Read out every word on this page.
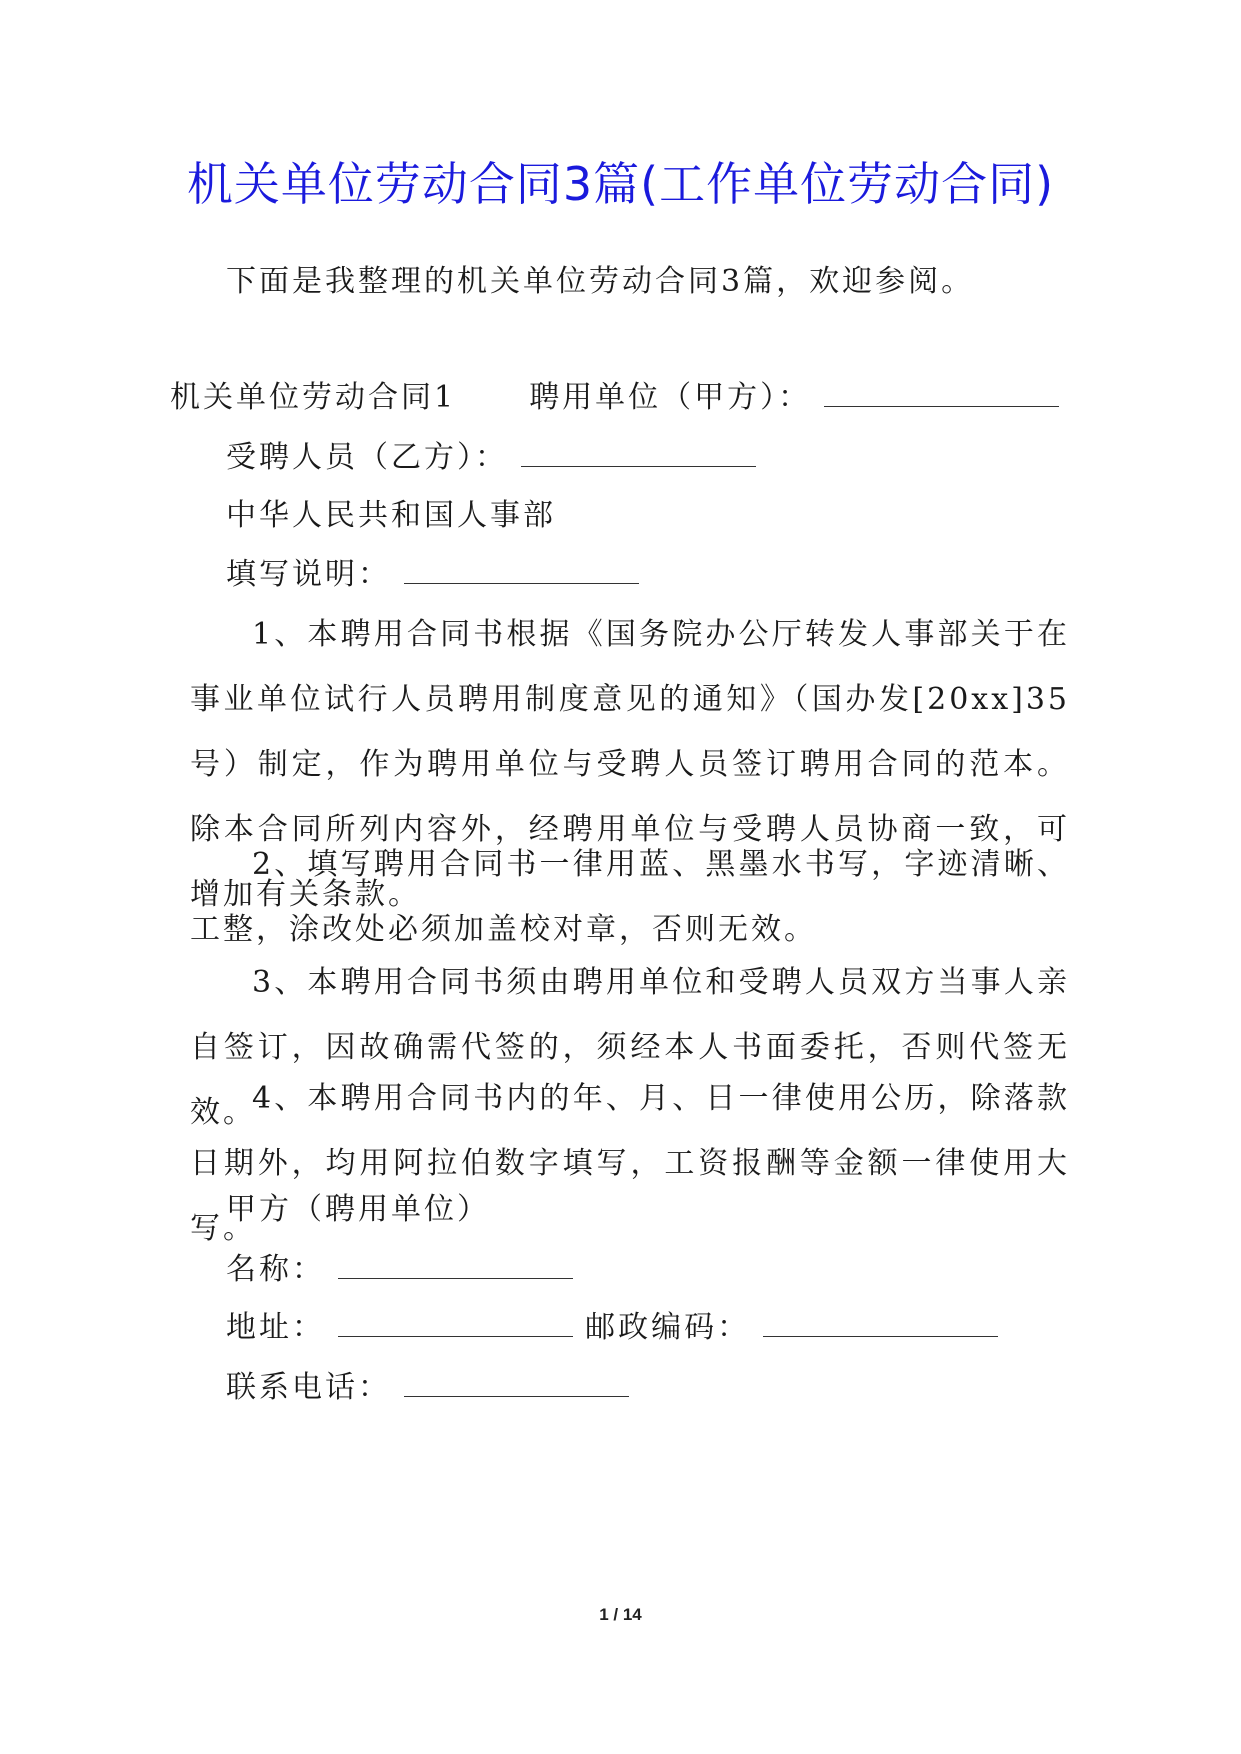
机关单位劳动合同3篇(工作单位劳动合同)
下面是我整理的机关单位劳动合同3篇，欢迎参阅。
机关单位劳动合同1 聘用单位（甲方）：
受聘人员（乙方）：
中华人民共和国人事部
填写说明：
1、本聘用合同书根据《国务院办公厅转发人事部关于在事业单位试行人员聘用制度意见的通知》（国办发[20xx]35号）制定，作为聘用单位与受聘人员签订聘用合同的范本。除本合同所列内容外，经聘用单位与受聘人员协商一致，可增加有关条款。
2、填写聘用合同书一律用蓝、黑墨水书写，字迹清晰、工整，涂改处必须加盖校对章，否则无效。
3、本聘用合同书须由聘用单位和受聘人员双方当事人亲自签订，因故确需代签的，须经本人书面委托，否则代签无效。
4、本聘用合同书内的年、月、日一律使用公历，除落款日期外，均用阿拉伯数字填写，工资报酬等金额一律使用大写。
甲方（聘用单位）
名称：
地址：	邮政编码：
联系电话：
1 / 14
